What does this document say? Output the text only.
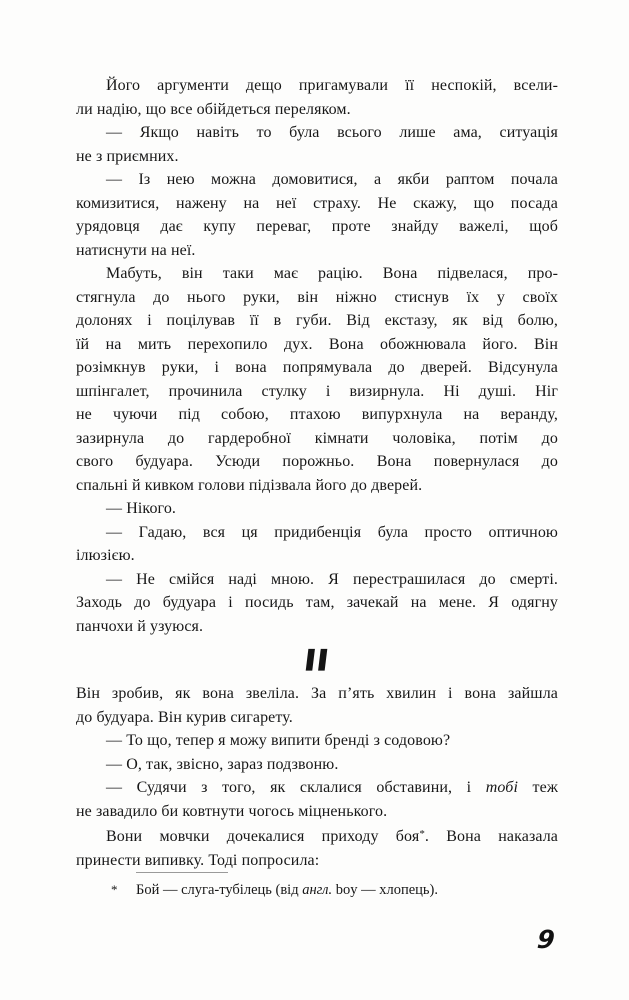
Його аргументи дещо пригамували її неспокій, всели-
ли надію, що все обійдеться переляком.

— Якщо навіть то була всього лише ама, ситуація
не з приємних.

— Із нею можна домовитися, а якби раптом почала
комизитися, нажену на неї страху. Не скажу, що посада
урядовця дає купу переваг, проте знайду важелі, щоб
натиснути на неї.

Мабуть, він таки має рацію. Вона підвелася, про-
стягнула до нього руки, він ніжно стиснув їх у своїх
долонях і поцілував її в губи. Від екстазу, як від болю,
їй на мить перехопило дух. Вона обожнювала його. Він
розімкнув руки, і вона попрямувала до дверей. Відсунула
шпінгалет, прочинила стулку і визирнула. Ні душі. Ніг
не чуючи під собою, птахою випурхнула на веранду,
зазирнула до гардеробної кімнати чоловіка, потім до
свого будуара. Усюди порожньо. Вона повернулася до
спальні й кивком голови підізвала його до дверей.

— Нікого.

— Гадаю, вся ця придибенція була просто оптичною
ілюзією.

— Не смійся наді мною. Я перестрашилася до смерті.
Заходь до будуара і посидь там, зачекай на мене. Я одягну
панчохи й узуюся.

II

Він зробив, як вона звеліла. За п’ять хвилин і вона зайшла
до будуара. Він курив сигарету.

— То що, тепер я можу випити бренді з содовою?

— О, так, звісно, зараз подзвоню.

— Судячи з того, як склалися обставини, і тобі теж
не завадило би ковтнути чогось міцненького.

Вони мовчки дочекалися приходу боя*. Вона наказала
принести випивку. Тоді попросила:

*	Бой — слуга-тубілець (від англ. boy — хлопець).
9
